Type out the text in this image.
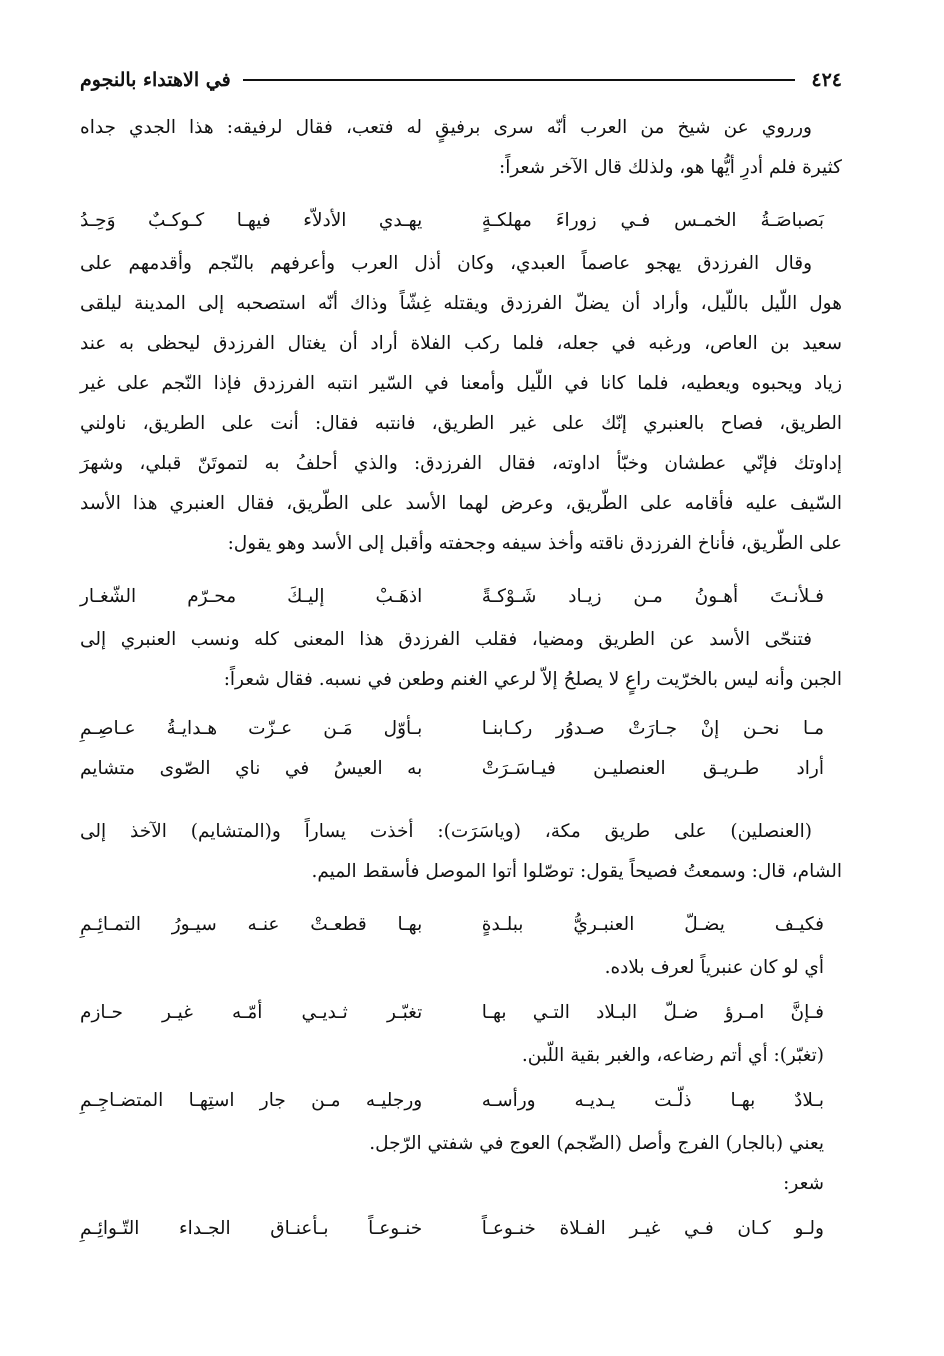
٤٢٤
في الاهتداء بالنجوم
ورروي عن شيخ من العرب أنّه سرى برفيقٍ له فتعب، فقال لرفيقه: هذا الجدي جداه
كثيرة فلم أدرِ أيُّها هو، ولذلك قال الآخر شعراً:
بَصباصَـةُ الخمـس فـي زوراءَ مهلكـةٍ
يهـدي الأدلاّء فيهـا كـوكـبٌ وَحِـدُ
وقال الفرزدق يهجو عاصماً العبدي، وكان أذل العرب وأعرفهم بالنّجم وأقدمهم على
هول اللّيل باللّيل، وأراد أن يضلّ الفرزدق ويقتله غِشّاً وذاك أنّه استصحبه إلى المدينة ليلقى
سعيد بن العاص، ورغبه في جعله، فلما ركب الفلاة أراد أن يغتال الفرزدق ليحظى به عند
زياد ويحبوه ويعطيه، فلما كانا في اللّيل وأمعنا في السّير انتبه الفرزدق فإذا النّجم على غير
الطريق، فصاح بالعنبري إنّك على غير الطريق، فانتبه فقال: أنت على الطريق، ناولني
إداوتك فإنّي عطشان وخبّأ اداوته، فقال الفرزدق: والذي أحلفُ به لتموتَنّ قبلي، وشهرَ
السّيف عليه فأقامه على الطّريق، وعرض لهما الأسد على الطّريق، فقال العنبري هذا الأسد
على الطّريق، فأناخ الفرزدق ناقته وأخذ سيفه وجحفته وأقبل إلى الأسد وهو يقول:
فـلأنـتَ أهـونُ مـن زيـاد شَـوْكـةً
اذهَـبْ إليـكَ محـرّم الشّغـار
فتنحّى الأسد عن الطريق ومضيا، فقلب الفرزدق هذا المعنى كله ونسب العنبري إلى
الجبن وأنه ليس بالخرّيت راعٍ لا يصلحُ إلاّ لرعي الغنم وطعن في نسبه. فقال شعراً:
مـا نحـن إنْ جـارَتْ صـدوُر ركـابنـا
بـأوّل مَـن عـزّت هـدايـةُ عـاصِـمِ
أراد طـريـق العنصليـن فيـاسَـرَتْ
به العيسُ في ناي الصّوى متشايم
(العنصلين) على طريق مكة، (وياسَرَت): أخذت يساراً و(المتشايم) الآخذ إلى
الشام، قال: وسمعتُ فصيحاً يقول: توصّلوا أتوا الموصل فأسقط الميم.
فكيـف يضـلّ العنبـريُّ ببلـدةٍ
بهـا قطعـتْ عنـه سيـورُ التمـائِـمِ
أي لو كان عنبرياً لعرف بلاده.
فـإنَّ امـرؤ ضـلّ البـلاد التـي بهـا
تغبّـر ثـديـي أمّـه غيـر حـازم
(تغبّر): أي أتم رضاعه، والغبر بقية اللّبن.
بـلادٌ بهـا ذلّـت يـديـه ورأسـه
ورجليـه مـن جار استِهـا المتضـاجِـمِ
يعني (بالجار) الفرج وأصل (الضّجم) العوج في شفتي الرّجل.
شعر:
ولـو كـان فـي غيـر الفـلاة خنـوعـاً
خنـوعـاً بـأعنـاق الجـداء التّـوائِـمِ
